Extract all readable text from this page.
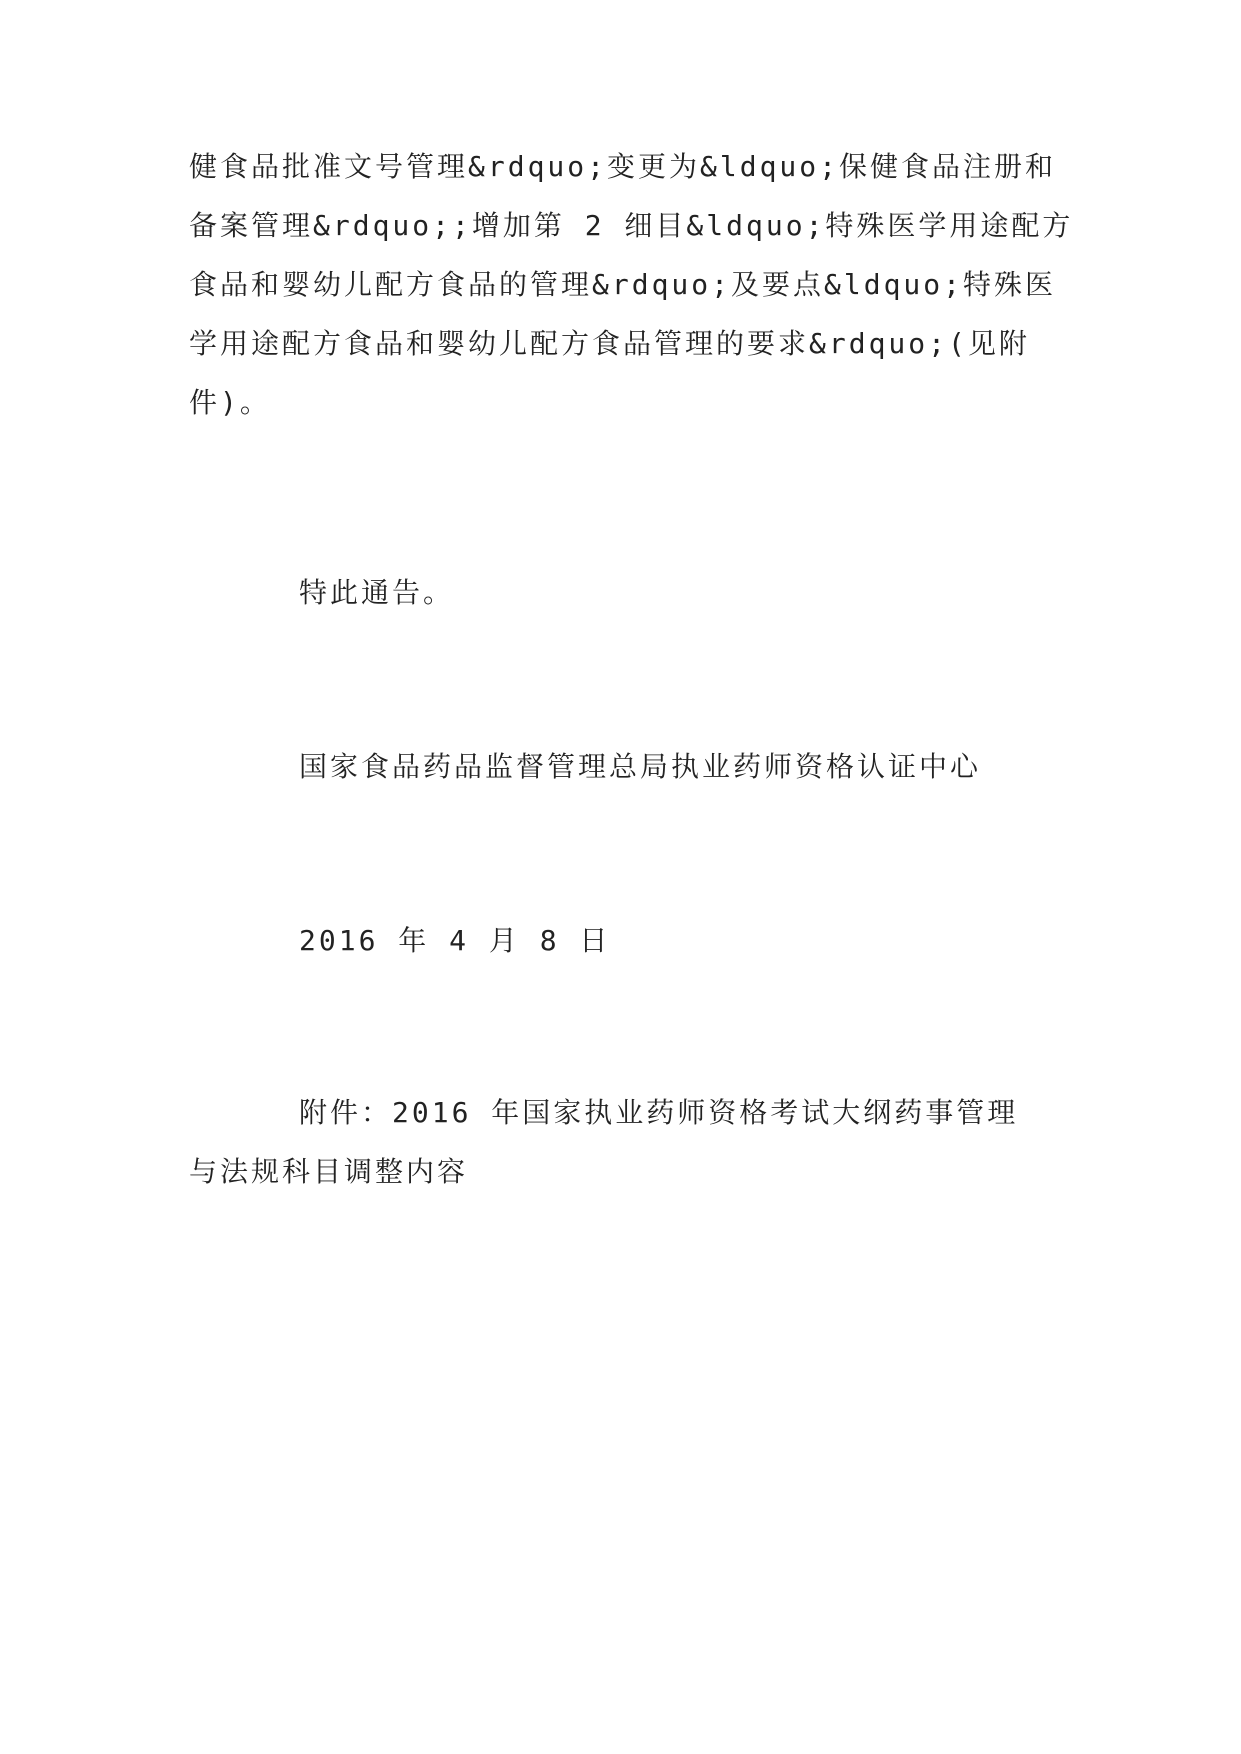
健食品批准文号管理&rdquo;变更为&ldquo;保健食品注册和
备案管理&rdquo;;增加第 2 细目&ldquo;特殊医学用途配方
食品和婴幼儿配方食品的管理&rdquo;及要点&ldquo;特殊医
学用途配方食品和婴幼儿配方食品管理的要求&rdquo;(见附
件)。
特此通告。
国家食品药品监督管理总局执业药师资格认证中心
2016 年 4 月 8 日
附件：2016 年国家执业药师资格考试大纲药事管理
与法规科目调整内容
